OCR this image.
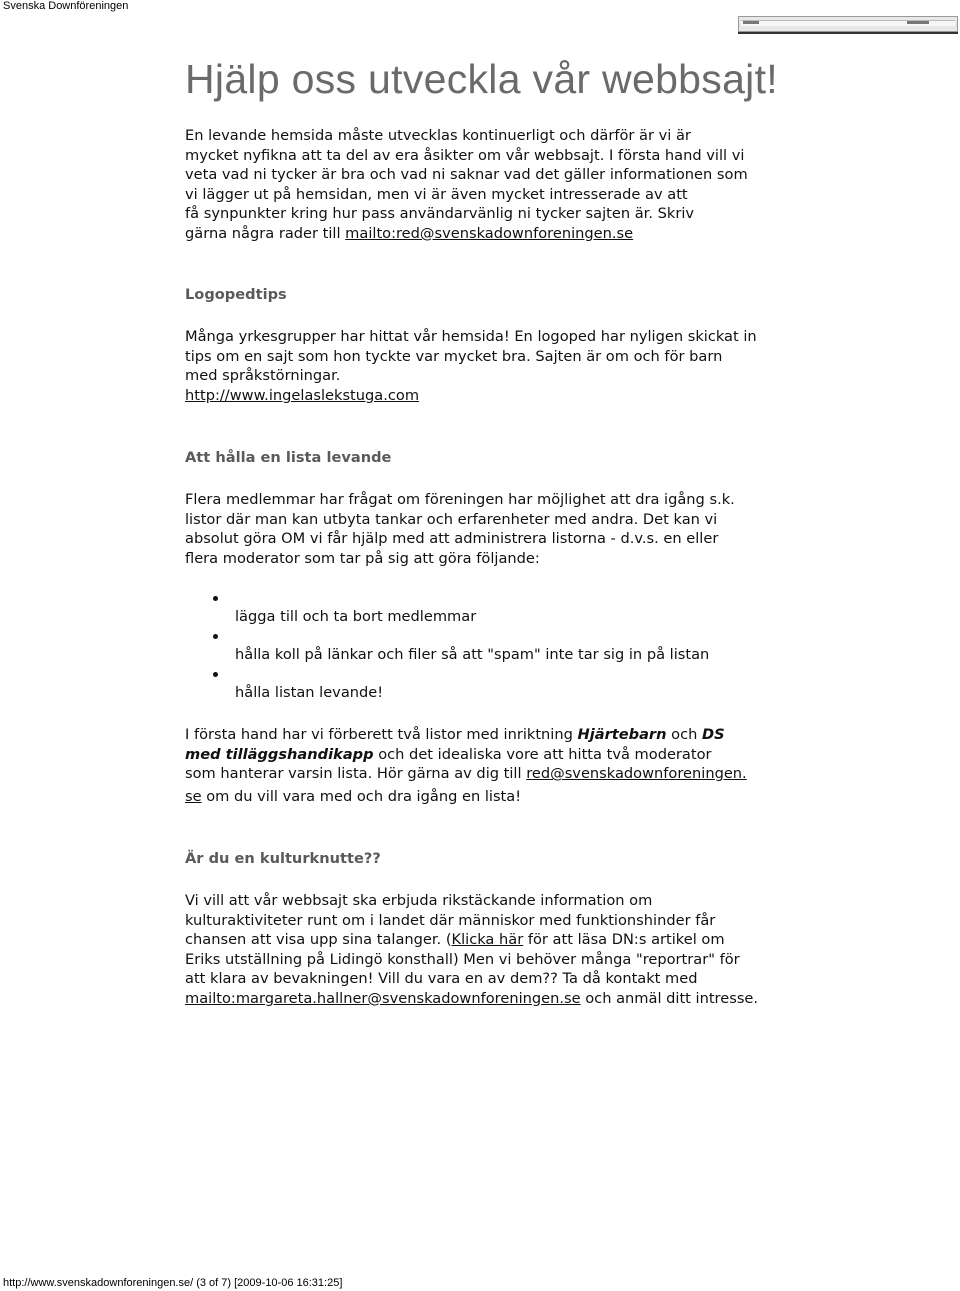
Svenska Downföreningen
Hjälp oss utveckla vår webbsajt!
En levande hemsida måste utvecklas kontinuerligt och därför är vi är
mycket nyfikna att ta del av era åsikter om vår webbsajt. I första hand vill vi
veta vad ni tycker är bra och vad ni saknar vad det gäller informationen som
vi lägger ut på hemsidan, men vi är även mycket intresserade av att
få synpunkter kring hur pass användarvänlig ni tycker sajten är. Skriv
gärna några rader till mailto:red@svenskadownforeningen.se
Logopedtips
Många yrkesgrupper har hittat vår hemsida! En logoped har nyligen skickat in
tips om en sajt som hon tyckte var mycket bra. Sajten är om och för barn
med språkstörningar.
http://www.ingelaslekstuga.com
Att hålla en lista levande
Flera medlemmar har frågat om föreningen har möjlighet att dra igång s.k.
listor där man kan utbyta tankar och erfarenheter med andra. Det kan vi
absolut göra OM vi får hjälp med att administrera listorna - d.v.s. en eller
flera moderator som tar på sig att göra följande:
lägga till och ta bort medlemmar
hålla koll på länkar och filer så att "spam" inte tar sig in på listan
hålla listan levande!
I första hand har vi förberett två listor med inriktning Hjärtebarn och DS
med tilläggshandikapp och det idealiska vore att hitta två moderator
som hanterar varsin lista. Hör gärna av dig till red@svenskadownforeningen.
se om du vill vara med och dra igång en lista!
Är du en kulturknutte??
Vi vill att vår webbsajt ska erbjuda rikstäckande information om
kulturaktiviteter runt om i landet där människor med funktionshinder får
chansen att visa upp sina talanger. (Klicka här för att läsa DN:s artikel om
Eriks utställning på Lidingö konsthall) Men vi behöver många "reportrar" för
att klara av bevakningen! Vill du vara en av dem?? Ta då kontakt med
mailto:margareta.hallner@svenskadownforeningen.se och anmäl ditt intresse.
http://www.svenskadownforeningen.se/ (3 of 7) [2009-10-06 16:31:25]
